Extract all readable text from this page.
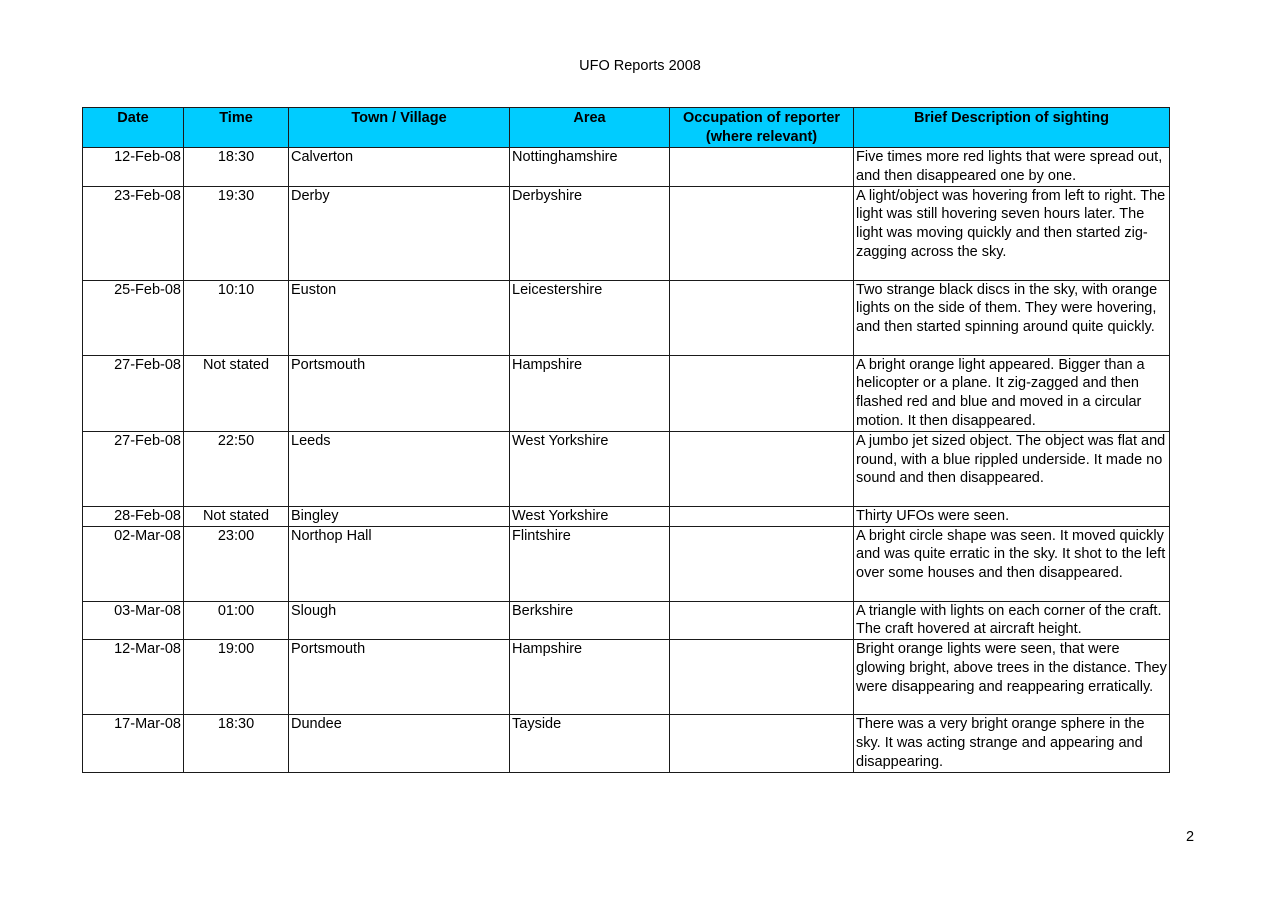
UFO Reports 2008
Date	Time	Town / Village	Area	Occupation of reporter (where relevant)	Brief Description of sighting
12-Feb-08	18:30	Calverton	Nottinghamshire		Five times more red lights that were spread out, and then disappeared one by one.
23-Feb-08	19:30	Derby	Derbyshire		A light/object was hovering from left to right. The light was still hovering seven hours later. The light was moving quickly and then started zig-zagging across the sky.
25-Feb-08	10:10	Euston	Leicestershire		Two strange black discs in the sky, with orange lights on the side of them. They were hovering, and then started spinning around quite quickly.
27-Feb-08	Not stated	Portsmouth	Hampshire		A bright orange light appeared. Bigger than a helicopter or a plane. It zig-zagged and then flashed red and blue and moved in a circular motion. It then disappeared.
27-Feb-08	22:50	Leeds	West Yorkshire		A jumbo jet sized object. The object was flat and round, with a blue rippled underside. It made no sound and then disappeared.
28-Feb-08	Not stated	Bingley	West Yorkshire		Thirty UFOs were seen.
02-Mar-08	23:00	Northop Hall	Flintshire		A bright circle shape was seen. It moved quickly and was quite erratic in the sky. It shot to the left over some houses and then disappeared.
03-Mar-08	01:00	Slough	Berkshire		A triangle with lights on each corner of the craft. The craft hovered at aircraft height.
12-Mar-08	19:00	Portsmouth	Hampshire		Bright orange lights were seen, that were glowing bright, above trees in the distance. They were disappearing and reappearing erratically.
17-Mar-08	18:30	Dundee	Tayside		There was a very bright orange sphere in the sky. It was acting strange and appearing and disappearing.
2
